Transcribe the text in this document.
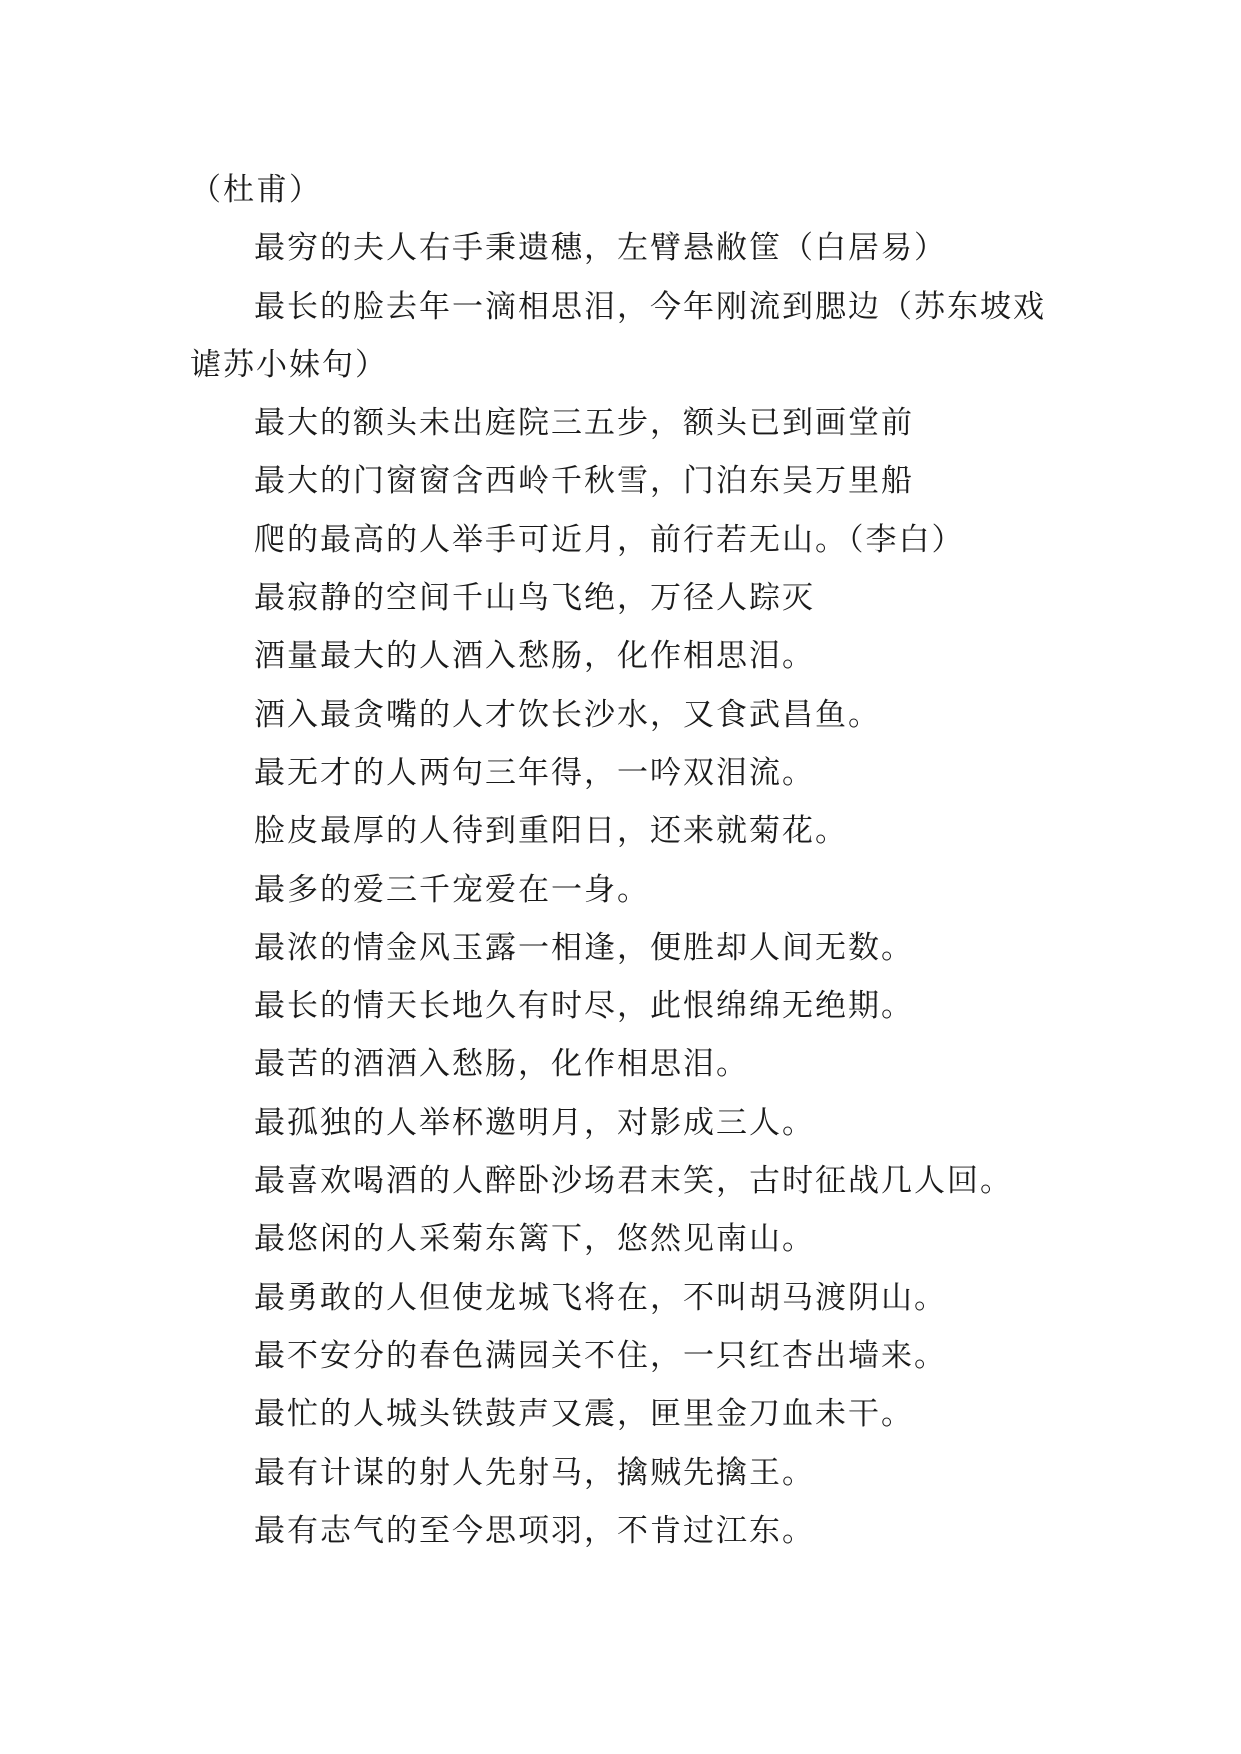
（杜甫）

最穷的夫人右手秉遗穗，左臂悬敝筐（白居易）

最长的脸去年一滴相思泪，今年刚流到腮边（苏东坡戏谑苏小妹句）

最大的额头未出庭院三五步，额头已到画堂前

最大的门窗窗含西岭千秋雪，门泊东吴万里船

爬的最高的人举手可近月，前行若无山。（李白）

最寂静的空间千山鸟飞绝，万径人踪灭

酒量最大的人酒入愁肠，化作相思泪。

酒入最贪嘴的人才饮长沙水，又食武昌鱼。

最无才的人两句三年得，一吟双泪流。

脸皮最厚的人待到重阳日，还来就菊花。

最多的爱三千宠爱在一身。

最浓的情金风玉露一相逢，便胜却人间无数。

最长的情天长地久有时尽，此恨绵绵无绝期。

最苦的酒酒入愁肠，化作相思泪。

最孤独的人举杯邀明月，对影成三人。

最喜欢喝酒的人醉卧沙场君末笑，古时征战几人回。

最悠闲的人采菊东篱下，悠然见南山。

最勇敢的人但使龙城飞将在，不叫胡马渡阴山。

最不安分的春色满园关不住，一只红杏出墙来。

最忙的人城头铁鼓声又震，匣里金刀血未干。

最有计谋的射人先射马，擒贼先擒王。

最有志气的至今思项羽，不肯过江东。
